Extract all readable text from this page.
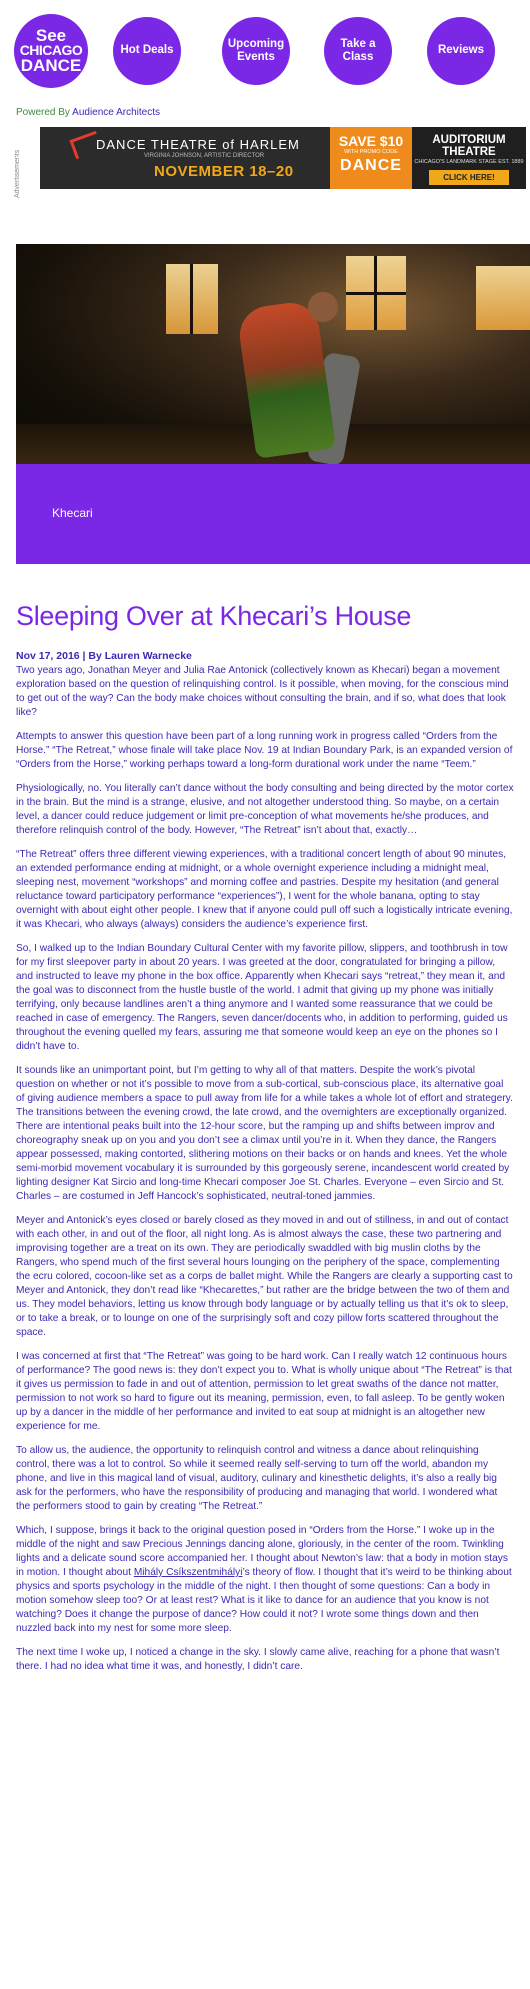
See
CHICAGO
DANCE
Hot Deals
Upcoming Events
Take a Class
Reviews
Powered By Audience Architects
Advertisements
DANCE THEATRE of HARLEM
VIRGINIA JOHNSON, ARTISTIC DIRECTOR
NOVEMBER 18–20
SAVE $10
WITH PROMO CODE
DANCE
AUDITORIUM THEATRE
CHICAGO'S LANDMARK STAGE EST. 1889
CLICK HERE!
Khecari
Sleeping Over at Khecari’s House
Nov 17, 2016 | By Lauren Warnecke

Two years ago, Jonathan Meyer and Julia Rae Antonick (collectively known as Khecari) began a movement exploration based on the question of relinquishing control. Is it possible, when moving, for the conscious mind to get out of the way? Can the body make choices without consulting the brain, and if so, what does that look like?

Attempts to answer this question have been part of a long running work in progress called “Orders from the Horse.” “The Retreat,” whose finale will take place Nov. 19 at Indian Boundary Park, is an expanded version of “Orders from the Horse,” working perhaps toward a long-form durational work under the name “Teem.”

Physiologically, no. You literally can’t dance without the body consulting and being directed by the motor cortex in the brain. But the mind is a strange, elusive, and not altogether understood thing. So maybe, on a certain level, a dancer could reduce judgement or limit pre-conception of what movements he/she produces, and therefore relinquish control of the body. However, “The Retreat” isn’t about that, exactly…

“The Retreat” offers three different viewing experiences, with a traditional concert length of about 90 minutes, an extended performance ending at midnight, or a whole overnight experience including a midnight meal, sleeping nest, movement “workshops” and morning coffee and pastries. Despite my hesitation (and general reluctance toward participatory performance “experiences”), I went for the whole banana, opting to stay overnight with about eight other people. I knew that if anyone could pull off such a logistically intricate evening, it was Khecari, who always (always) considers the audience’s experience first.

So, I walked up to the Indian Boundary Cultural Center with my favorite pillow, slippers, and toothbrush in tow for my first sleepover party in about 20 years. I was greeted at the door, congratulated for bringing a pillow, and instructed to leave my phone in the box office. Apparently when Khecari says “retreat,” they mean it, and the goal was to disconnect from the hustle bustle of the world. I admit that giving up my phone was initially terrifying, only because landlines aren’t a thing anymore and I wanted some reassurance that we could be reached in case of emergency. The Rangers, seven dancer/docents who, in addition to performing, guided us throughout the evening quelled my fears, assuring me that someone would keep an eye on the phones so I didn’t have to.

It sounds like an unimportant point, but I’m getting to why all of that matters. Despite the work’s pivotal question on whether or not it’s possible to move from a sub-cortical, sub-conscious place, its alternative goal of giving audience members a space to pull away from life for a while takes a whole lot of effort and strategery. The transitions between the evening crowd, the late crowd, and the overnighters are exceptionally organized. There are intentional peaks built into the 12-hour score, but the ramping up and shifts between improv and choreography sneak up on you and you don’t see a climax until you’re in it. When they dance, the Rangers appear possessed, making contorted, slithering motions on their backs or on hands and knees. Yet the whole semi-morbid movement vocabulary it is surrounded by this gorgeously serene, incandescent world created by lighting designer Kat Sircio and long-time Khecari composer Joe St. Charles. Everyone – even Sircio and St. Charles – are costumed in Jeff Hancock’s sophisticated, neutral-toned jammies.

Meyer and Antonick’s eyes closed or barely closed as they moved in and out of stillness, in and out of contact with each other, in and out of the floor, all night long. As is almost always the case, these two partnering and improvising together are a treat on its own. They are periodically swaddled with big muslin cloths by the Rangers, who spend much of the first several hours lounging on the periphery of the space, complementing the ecru colored, cocoon-like set as a corps de ballet might. While the Rangers are clearly a supporting cast to Meyer and Antonick, they don’t read like “Khecarettes,” but rather are the bridge between the two of them and us. They model behaviors, letting us know through body language or by actually telling us that it’s ok to sleep, or to take a break, or to lounge on one of the surprisingly soft and cozy pillow forts scattered throughout the space.

I was concerned at first that “The Retreat” was going to be hard work. Can I really watch 12 continuous hours of performance? The good news is: they don’t expect you to. What is wholly unique about “The Retreat” is that it gives us permission to fade in and out of attention, permission to let great swaths of the dance not matter, permission to not work so hard to figure out its meaning, permission, even, to fall asleep. To be gently woken up by a dancer in the middle of her performance and invited to eat soup at midnight is an altogether new experience for me.

To allow us, the audience, the opportunity to relinquish control and witness a dance about relinquishing control, there was a lot to control. So while it seemed really self-serving to turn off the world, abandon my phone, and live in this magical land of visual, auditory, culinary and kinesthetic delights, it’s also a really big ask for the performers, who have the responsibility of producing and managing that world. I wondered what the performers stood to gain by creating “The Retreat.”

Which, I suppose, brings it back to the original question posed in “Orders from the Horse.” I woke up in the middle of the night and saw Precious Jennings dancing alone, gloriously, in the center of the room. Twinkling lights and a delicate sound score accompanied her. I thought about Newton’s law: that a body in motion stays in motion. I thought about Mihály Csíkszentmihályi’s theory of flow. I thought that it’s weird to be thinking about physics and sports psychology in the middle of the night. I then thought of some questions: Can a body in motion somehow sleep too? Or at least rest? What is it like to dance for an audience that you know is not watching? Does it change the purpose of dance? How could it not? I wrote some things down and then nuzzled back into my nest for some more sleep.

The next time I woke up, I noticed a change in the sky. I slowly came alive, reaching for a phone that wasn’t there. I had no idea what time it was, and honestly, I didn’t care.
